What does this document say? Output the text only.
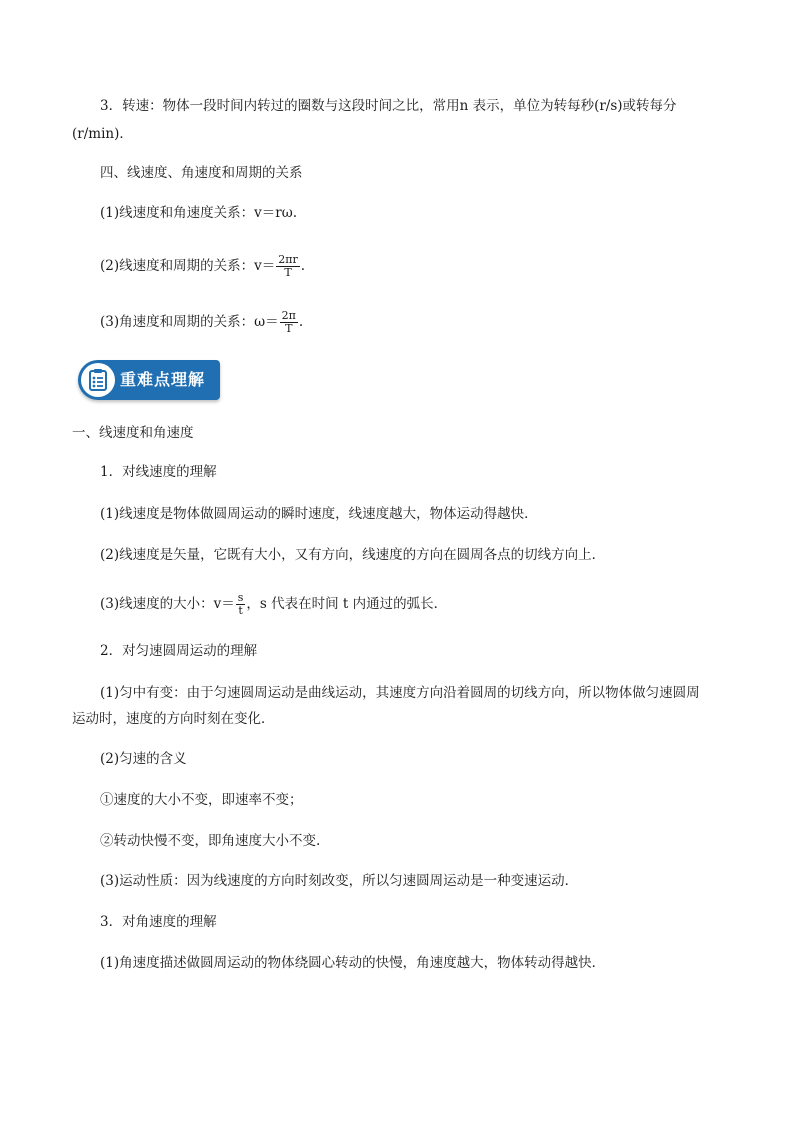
3．转速：物体一段时间内转过的圈数与这段时间之比，常用n 表示，单位为转每秒(r/s)或转每分
(r/min)．
四、线速度、角速度和周期的关系
(1)线速度和角速度关系：v＝rω.
(2)线速度和周期的关系：$v= \frac{2\pi r}{T}$ .
(3)角速度和周期的关系：$\omega= \frac{2\pi}{T}$ .
重难点理解
一、线速度和角速度
1．对线速度的理解
(1)线速度是物体做圆周运动的瞬时速度，线速度越大，物体运动得越快．
(2)线速度是矢量，它既有大小，又有方向，线速度的方向在圆周各点的切线方向上．
(3)线速度的大小：$v= \frac{s}{t}$ ，s 代表在时间 t 内通过的弧长．
2．对匀速圆周运动的理解
(1)匀中有变：由于匀速圆周运动是曲线运动，其速度方向沿着圆周的切线方向，所以物体做匀速圆周
运动时，速度的方向时刻在变化．
(2)匀速的含义
①速度的大小不变，即速率不变；
②转动快慢不变，即角速度大小不变.
(3)运动性质：因为线速度的方向时刻改变，所以匀速圆周运动是一种变速运动．
3．对角速度的理解
(1)角速度描述做圆周运动的物体绕圆心转动的快慢，角速度越大，物体转动得越快．
